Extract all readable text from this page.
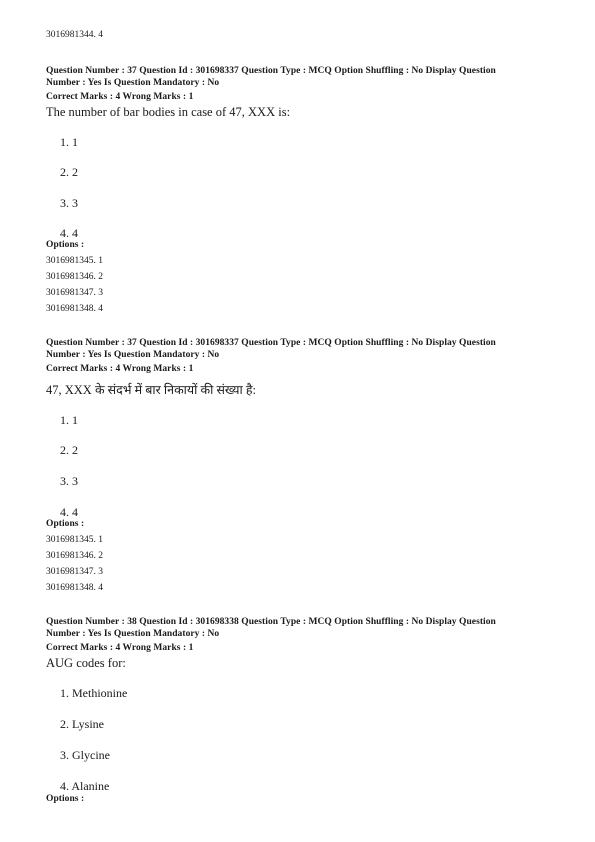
3016981344. 4
Question Number : 37 Question Id : 301698337 Question Type : MCQ Option Shuffling : No Display Question
Number : Yes Is Question Mandatory : No
Correct Marks : 4 Wrong Marks : 1
The number of bar bodies in case of 47, XXX is:
1. 1
2. 2
3. 3
4. 4
Options :
3016981345. 1
3016981346. 2
3016981347. 3
3016981348. 4
Question Number : 37 Question Id : 301698337 Question Type : MCQ Option Shuffling : No Display Question
Number : Yes Is Question Mandatory : No
Correct Marks : 4 Wrong Marks : 1
47, XXX के संदर्भ में बार निकायों की संख्या है:
1. 1
2. 2
3. 3
4. 4
Options :
3016981345. 1
3016981346. 2
3016981347. 3
3016981348. 4
Question Number : 38 Question Id : 301698338 Question Type : MCQ Option Shuffling : No Display Question
Number : Yes Is Question Mandatory : No
Correct Marks : 4 Wrong Marks : 1
AUG codes for:
1. Methionine
2. Lysine
3. Glycine
4. Alanine
Options :
